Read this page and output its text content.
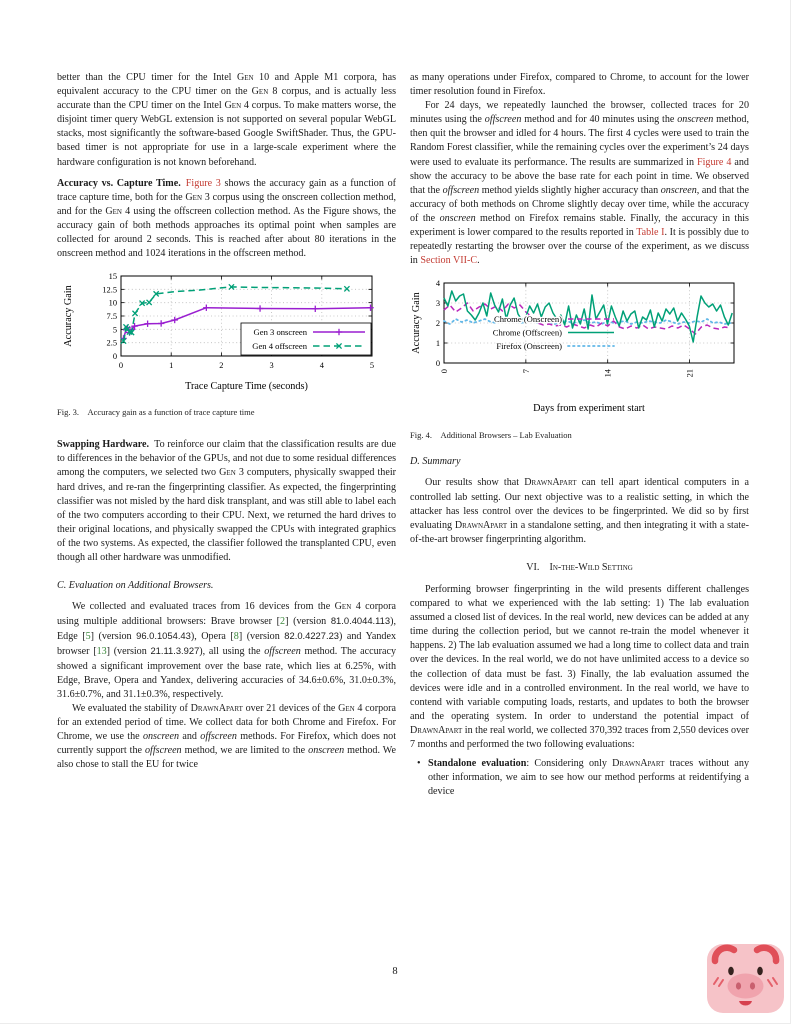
better than the CPU timer for the Intel Gen 10 and Apple M1 corpora, has equivalent accuracy to the CPU timer on the Gen 8 corpus, and is actually less accurate than the CPU timer on the Intel Gen 4 corpus. To make matters worse, the disjoint timer query WebGL extension is not supported on several popular WebGL stacks, most significantly the software-based Google SwiftShader. Thus, the GPU-based timer is not appropriate for use in a large-scale experiment where the hardware configuration is not known beforehand.

Accuracy vs. Capture Time.  Figure 3 shows the accuracy gain as a function of trace capture time, both for the Gen 3 corpus using the onscreen collection method, and for the Gen 4 using the offscreen collection method. As the Figure shows, the accuracy gain of both methods approaches its optimal point when samples are collected for around 2 seconds. This is reached after about 80 iterations in the onscreen method and 1024 iterations in the offscreen method.

0	1	2	3	4	5
0
2.5
5
7.5
10
12.5
15
Accuracy Gain
Trace Capture Time (seconds)
Gen 3 onscreen
Gen 4 offscreen
Fig. 3. Accuracy gain as a function of trace capture time

Swapping Hardware. To reinforce our claim that the classification results are due to differences in the behavior of the GPUs, and not due to some residual differences among the computers, we selected two Gen 3 computers, physically swapped their hard drives, and re-ran the fingerprinting classifier. As expected, the fingerprinting classifier was not misled by the hard disk transplant, and was still able to label each of the two computers according to their CPU. Next, we returned the hard drives to their original locations, and physically swapped the CPUs with integrated graphics of the two systems. As expected, the classifier followed the transplanted CPU, even though all other hardware was unmodified.

C. Evaluation on Additional Browsers.

We collected and evaluated traces from 16 devices from the Gen 4 corpora using multiple additional browsers: Brave browser [2] (version 81.0.4044.113), Edge [5] (version 96.0.1054.43), Opera [8] (version 82.0.4227.23) and Yandex browser [13] (version 21.11.3.927), all using the offscreen method. The accuracy showed a significant improvement over the base rate, which lies at 6.25%, with Edge, Brave, Opera and Yandex, delivering accuracies of 34.6±0.6%, 31.0±0.3%, 31.6±0.7%, and 31.1±0.3%, respectively.

We evaluated the stability of DrawnApart over 21 devices of the Gen 4 corpora for an extended period of time. We collect data for both Chrome and Firefox. For Chrome, we use the onscreen and offscreen methods. For Firefox, which does not currently support the offscreen method, we are limited to the onscreen method. We also chose to stall the EU for twice

as many operations under Firefox, compared to Chrome, to account for the lower timer resolution found in Firefox.

For 24 days, we repeatedly launched the browser, collected traces for 20 minutes using the offscreen method and for 40 minutes using the onscreen method, then quit the browser and idled for 4 hours. The first 4 cycles were used to train the Random Forest classifier, while the remaining cycles over the experiment’s 24 days were used to evaluate its performance. The results are summarized in Figure 4 and show the accuracy to be above the base rate for each point in time. We observed that the offscreen method yields slightly higher accuracy than onscreen, and that the accuracy of both methods on Chrome slightly decay over time, while the accuracy of the onscreen method on Firefox remains stable. Finally, the accuracy in this experiment is lower compared to the results reported in Table I. It is possibly due to repeatedly restarting the browser over the course of the experiment, as we discuss in Section VII-C.

0	7	14	21
0
1
2
3
4
Accuracy Gain
Days from experiment start
Chrome (Onscreen)
Chrome (Offscreen)
Firefox (Onscreen)
Fig. 4. Additional Browsers – Lab Evaluation
D. Summary

Our results show that DrawnApart can tell apart identical computers in a controlled lab setting. Our next objective was to a realistic setting, in which the attacker has less control over the devices to be fingerprinted. We did so by first evaluating DrawnApart in a standalone setting, and then integrating it with a state-of-the-art browser fingerprinting algorithm.

VI. In-the-Wild Setting

Performing browser fingerprinting in the wild presents different challenges compared to what we experienced with the lab setting: 1) The lab evaluation assumed a closed list of devices. In the real world, new devices can be added at any time during the collection period, but we cannot re-train the model whenever it happens. 2) The lab evaluation assumed we had a long time to collect data and train over the devices. In the real world, we do not have unlimited access to a device so the collection of data must be fast. 3) Finally, the lab evaluation assumed the devices were idle and in a controlled environment. In the real world, we have to contend with variable computing loads, restarts, and updates to both the browser and the operating system. In order to understand the potential impact of DrawnApart in the real world, we collected 370,392 traces from 2,550 devices over 7 months and performed the two following evaluations:

• Standalone evaluation: Considering only DrawnApart traces without any other information, we aim to see how our method performs at reidentifying a device

8
